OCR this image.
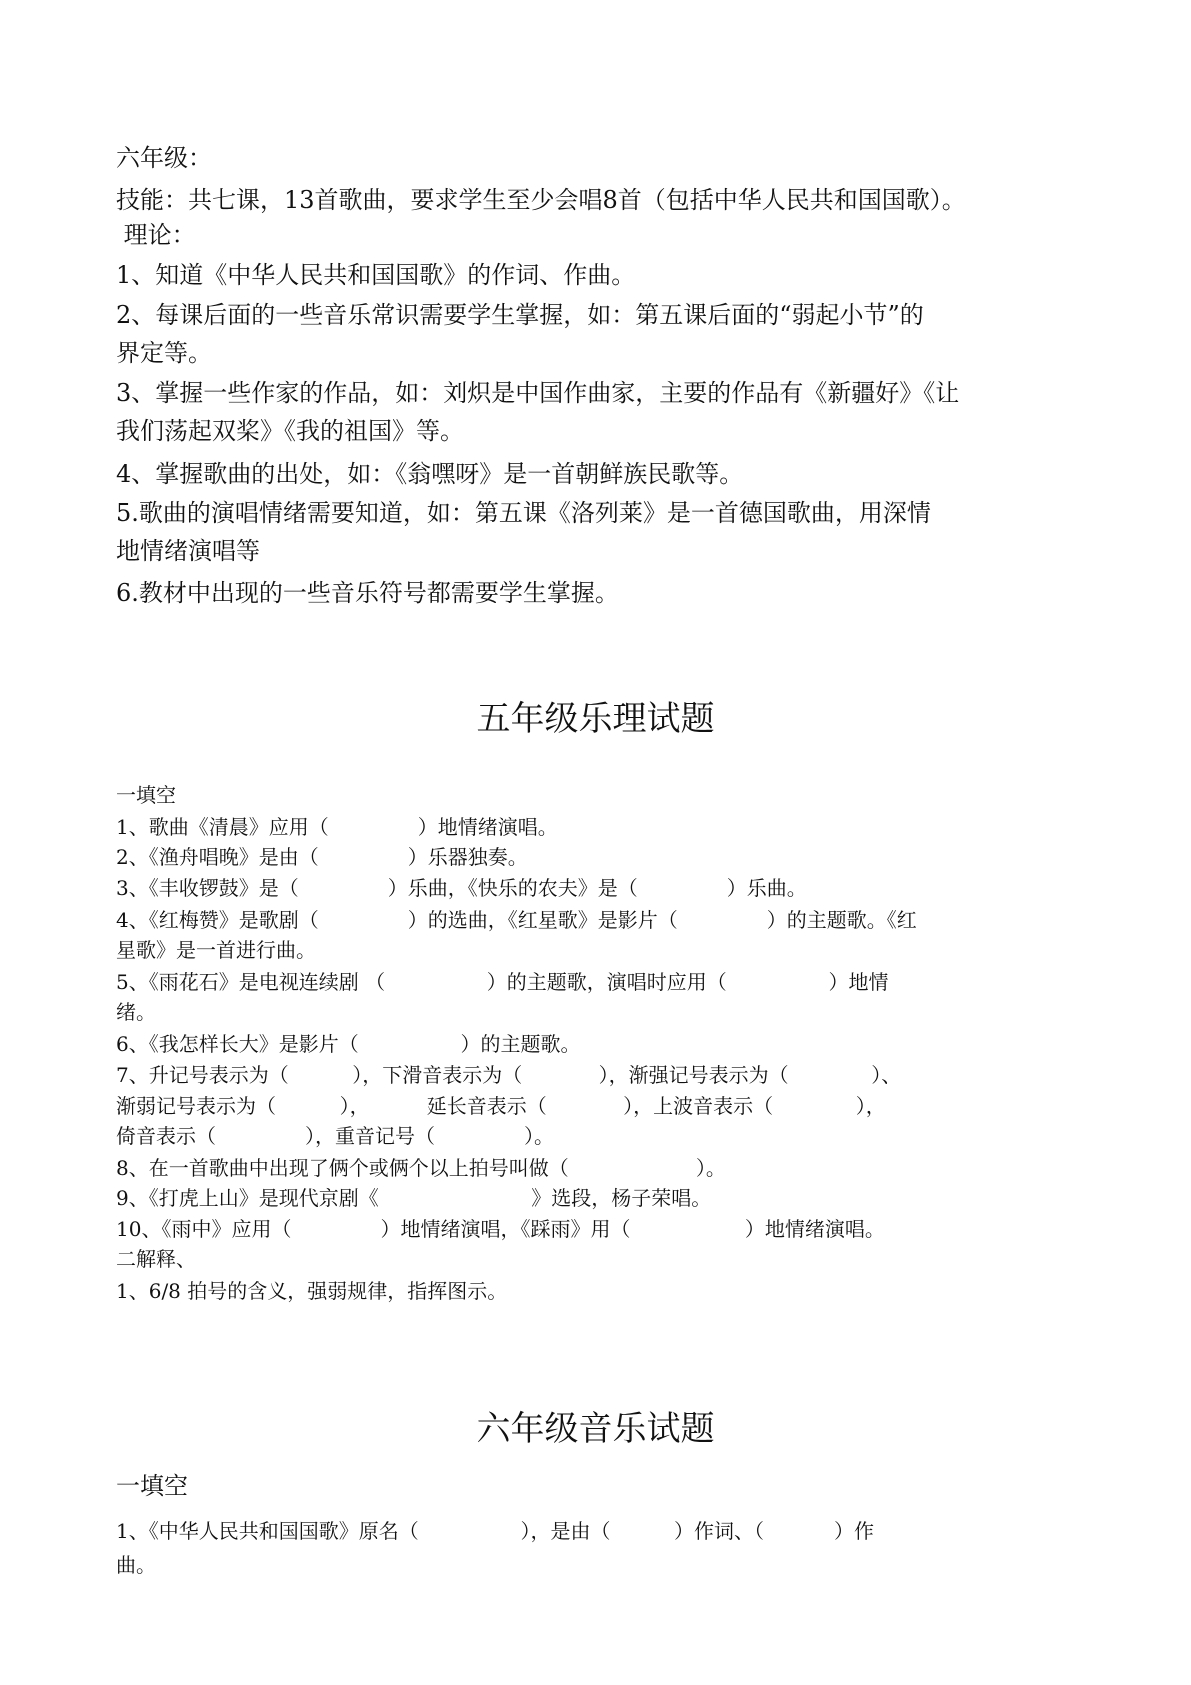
六年级：
技能：共七课，13首歌曲，要求学生至少会唱8首（包括中华人民共和国国歌）。
理论：
1、知道《中华人民共和国国歌》的作词、作曲。
2、每课后面的一些音乐常识需要学生掌握，如：第五课后面的“弱起小节”的
界定等。
3、掌握一些作家的作品，如：刘炽是中国作曲家，主要的作品有《新疆好》《让
我们荡起双桨》《我的祖国》等。
4、掌握歌曲的出处，如：《翁嘿呀》是一首朝鲜族民歌等。
5.歌曲的演唱情绪需要知道，如：第五课《洛列莱》是一首德国歌曲，用深情
地情绪演唱等
6.教材中出现的一些音乐符号都需要学生掌握。
五年级乐理试题
一填空
1、歌曲《清晨》应用（              ）地情绪演唱。
2、《渔舟唱晚》是由（              ）乐器独奏。
3、《丰收锣鼓》是（              ）乐曲，《快乐的农夫》是（              ）乐曲。
4、《红梅赞》是歌剧（              ）的选曲，《红星歌》是影片（              ）的主题歌。《红
星歌》是一首进行曲。
5、《雨花石》是电视连续剧 （                ）的主题歌，演唱时应用（                ）地情
绪。
6、《我怎样长大》是影片（                ）的主题歌。
7、升记号表示为（          ），下滑音表示为（            ），渐强记号表示为（             ）、
渐弱记号表示为（          ），         延长音表示（            ），上波音表示（             ），
倚音表示（              ），重音记号（              ）。
8、在一首歌曲中出现了俩个或俩个以上拍号叫做（                    ）。
9、《打虎上山》是现代京剧《                        》选段，杨子荣唱。
10、《雨中》应用（              ）地情绪演唱，《踩雨》用（                  ）地情绪演唱。
二解释、
1、6/8 拍号的含义，强弱规律，指挥图示。
六年级音乐试题
一填空
1、《中华人民共和国国歌》原名（                ），是由（          ）作词、（           ）作
曲。
